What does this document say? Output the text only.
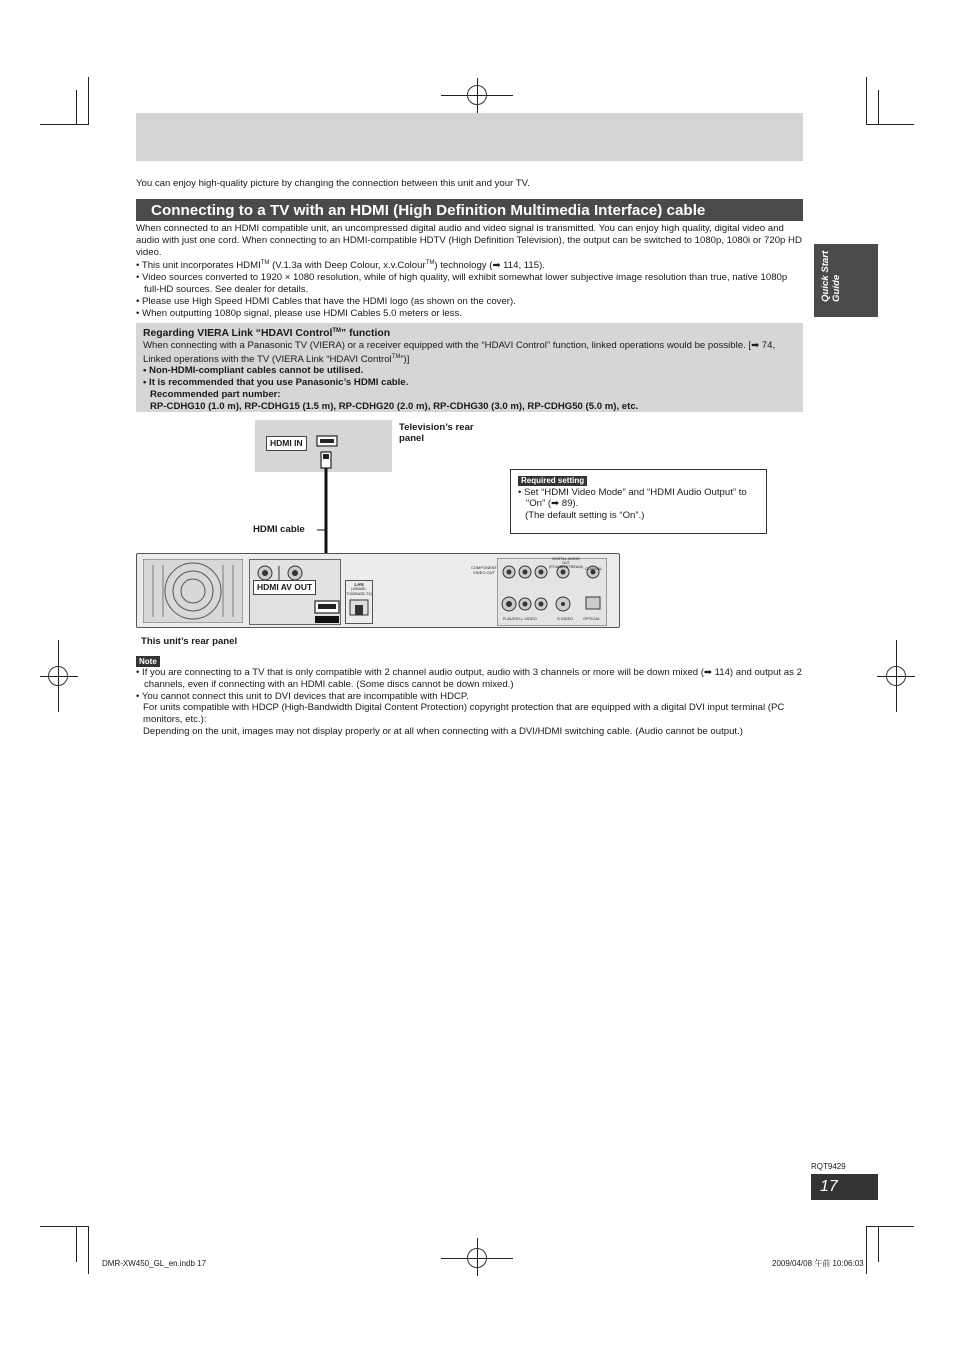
You can enjoy high-quality picture by changing the connection between this unit and your TV.
Connecting to a TV with an HDMI (High Definition Multimedia Interface) cable

When connected to an HDMI compatible unit, an uncompressed digital audio and video signal is transmitted. You can enjoy high quality, digital video and audio with just one cord. When connecting to an HDMI-compatible HDTV (High Definition Television), the output can be switched to 1080p, 1080i or 720p HD video.

• This unit incorporates HDMI™ (V.1.3a with Deep Colour, x.v.Colour™) technology (➡ 114, 115).

• Video sources converted to 1920 × 1080 resolution, while of high quality, will exhibit somewhat lower subjective image resolution than true, native 1080p full-HD sources. See dealer for details.

• Please use High Speed HDMI Cables that have the HDMI logo (as shown on the cover).

• When outputting 1080p signal, please use HDMI Cables 5.0 meters or less.

Regarding VIERA Link “HDAVI Control™” function
When connecting with a Panasonic TV (VIERA) or a receiver equipped with the “HDAVI Control” function, linked operations would be possible. [➡ 74, Linked operations with the TV (VIERA Link “HDAVI Control™”)]
• Non-HDMI-compliant cables cannot be utilised.
• It is recommended that you use Panasonic’s HDMI cable.
Recommended part number:
RP-CDHG10 (1.0 m), RP-CDHG15 (1.5 m), RP-CDHG20 (2.0 m), RP-CDHG30 (3.0 m), RP-CDHG50 (5.0 m), etc.
Quick Start Guide
HDMI IN
Television’s rear panel
HDMI cable
Required setting
• Set “HDMI Video Mode” and “HDMI Audio Output” to “On” (➡ 89).
(The default setting is “On”.)
HDMI AV OUT	LAN
(10BASE-T/100BASE-TX)
COMPONENT VIDEO OUT
DIGITAL AUDIO OUT (PCM/BITSTREAM) COAXIAL
OPTICAL
R-AUDIO-L VIDEO	S VIDEO
This unit’s rear panel
Note
• If you are connecting to a TV that is only compatible with 2 channel audio output, audio with 3 channels or more will be down mixed (➡ 114) and output as 2 channels, even if connecting with an HDMI cable. (Some discs cannot be down mixed.)
• You cannot connect this unit to DVI devices that are incompatible with HDCP.
For units compatible with HDCP (High-Bandwidth Digital Content Protection) copyright protection that are equipped with a digital DVI input terminal (PC monitors, etc.):
Depending on the unit, images may not display properly or at all when connecting with a DVI/HDMI switching cable. (Audio cannot be output.)
RQT9429
17
DMR-XW450_GL_en.indb 17	2009/04/08 午前 10:06:03
